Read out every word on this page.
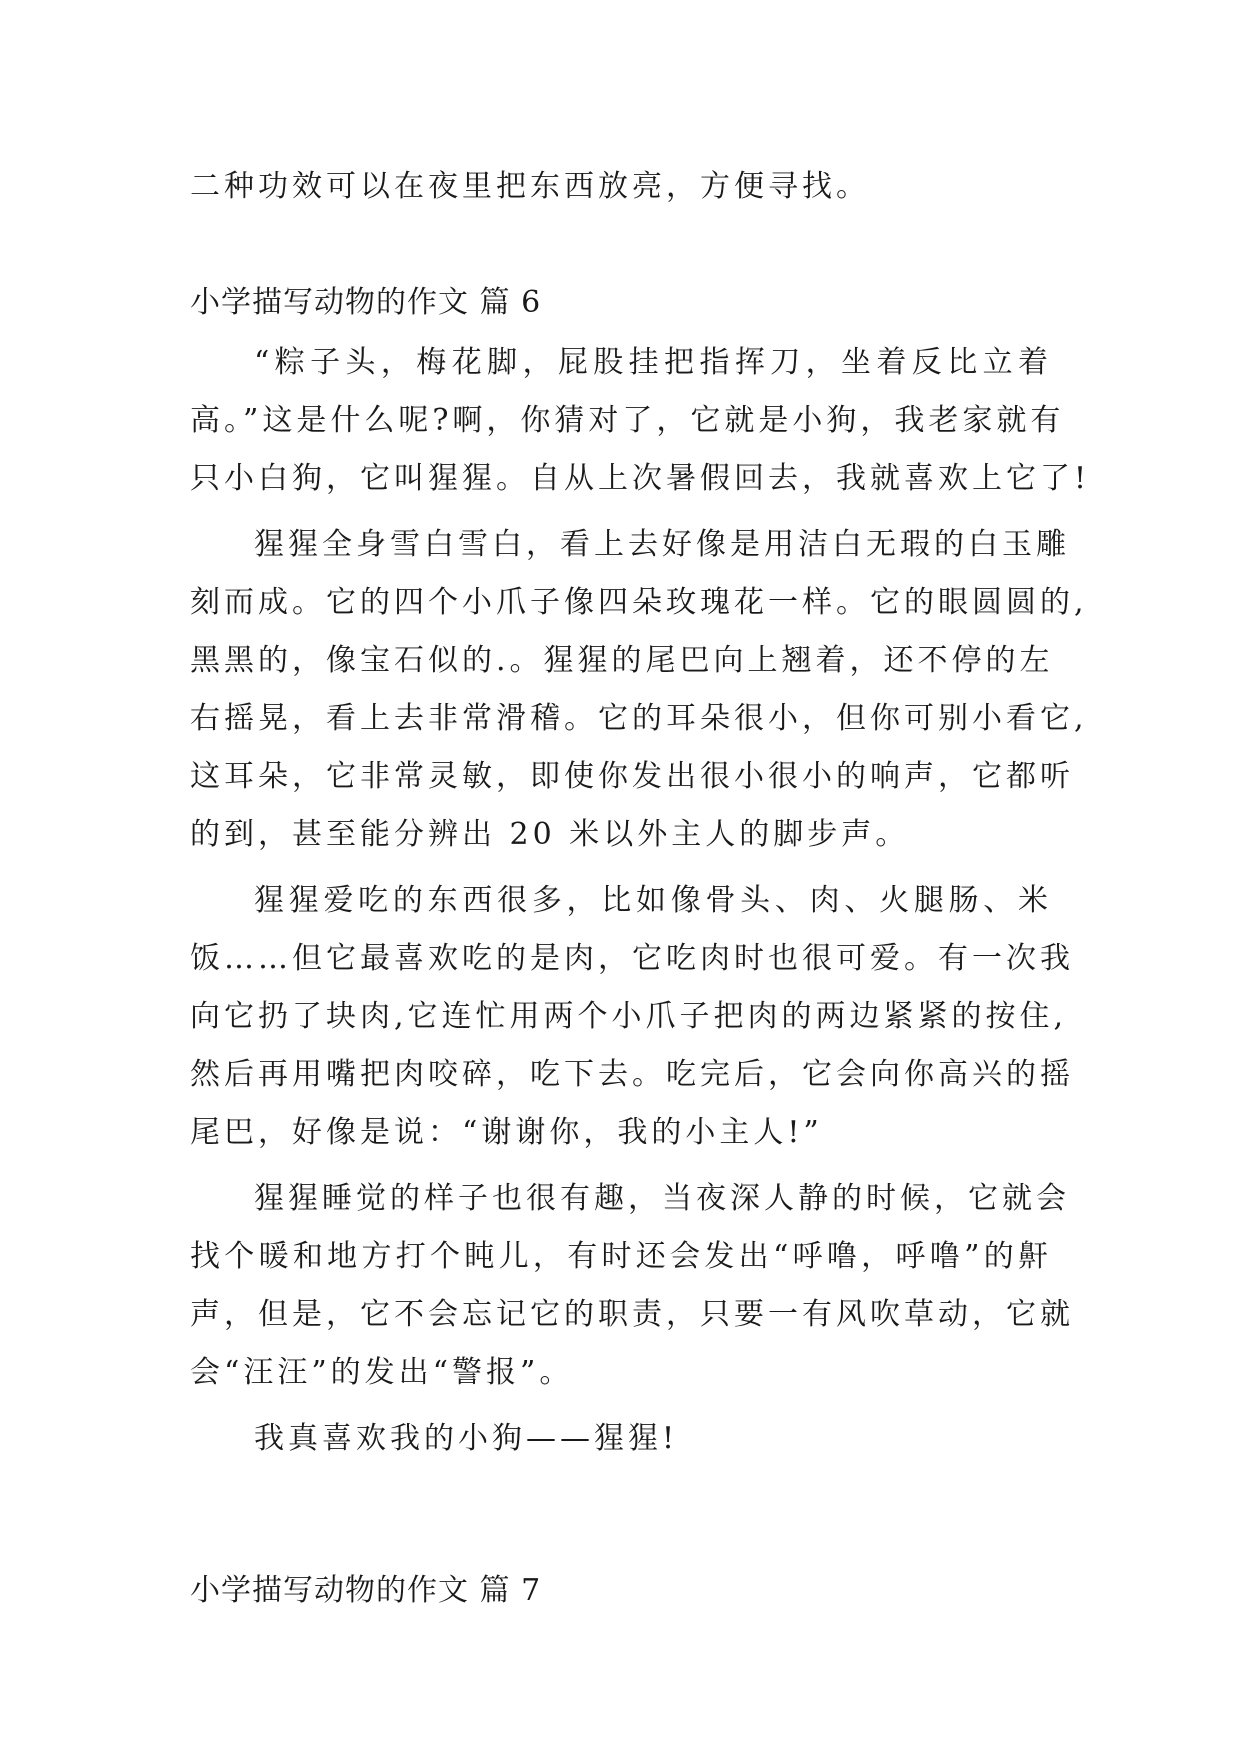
二种功效可以在夜里把东西放亮，方便寻找。
小学描写动物的作文 篇 6
“粽子头，梅花脚，屁股挂把指挥刀，坐着反比立着
高。”这是什么呢?啊，你猜对了，它就是小狗，我老家就有
只小白狗，它叫猩猩。自从上次暑假回去，我就喜欢上它了!
猩猩全身雪白雪白，看上去好像是用洁白无瑕的白玉雕
刻而成。它的四个小爪子像四朵玫瑰花一样。它的眼圆圆的,
黑黑的，像宝石似的.。猩猩的尾巴向上翘着，还不停的左
右摇晃，看上去非常滑稽。它的耳朵很小，但你可别小看它,
这耳朵，它非常灵敏，即使你发出很小很小的响声，它都听
的到，甚至能分辨出 20 米以外主人的脚步声。
猩猩爱吃的东西很多，比如像骨头、肉、火腿肠、米
饭……但它最喜欢吃的是肉，它吃肉时也很可爱。有一次我
向它扔了块肉,它连忙用两个小爪子把肉的两边紧紧的按住,
然后再用嘴把肉咬碎，吃下去。吃完后，它会向你高兴的摇
尾巴，好像是说：“谢谢你，我的小主人!”
猩猩睡觉的样子也很有趣，当夜深人静的时候，它就会
找个暖和地方打个盹儿，有时还会发出“呼噜，呼噜”的鼾
声，但是，它不会忘记它的职责，只要一有风吹草动，它就
会“汪汪”的发出“警报”。
我真喜欢我的小狗——猩猩!
小学描写动物的作文 篇 7
